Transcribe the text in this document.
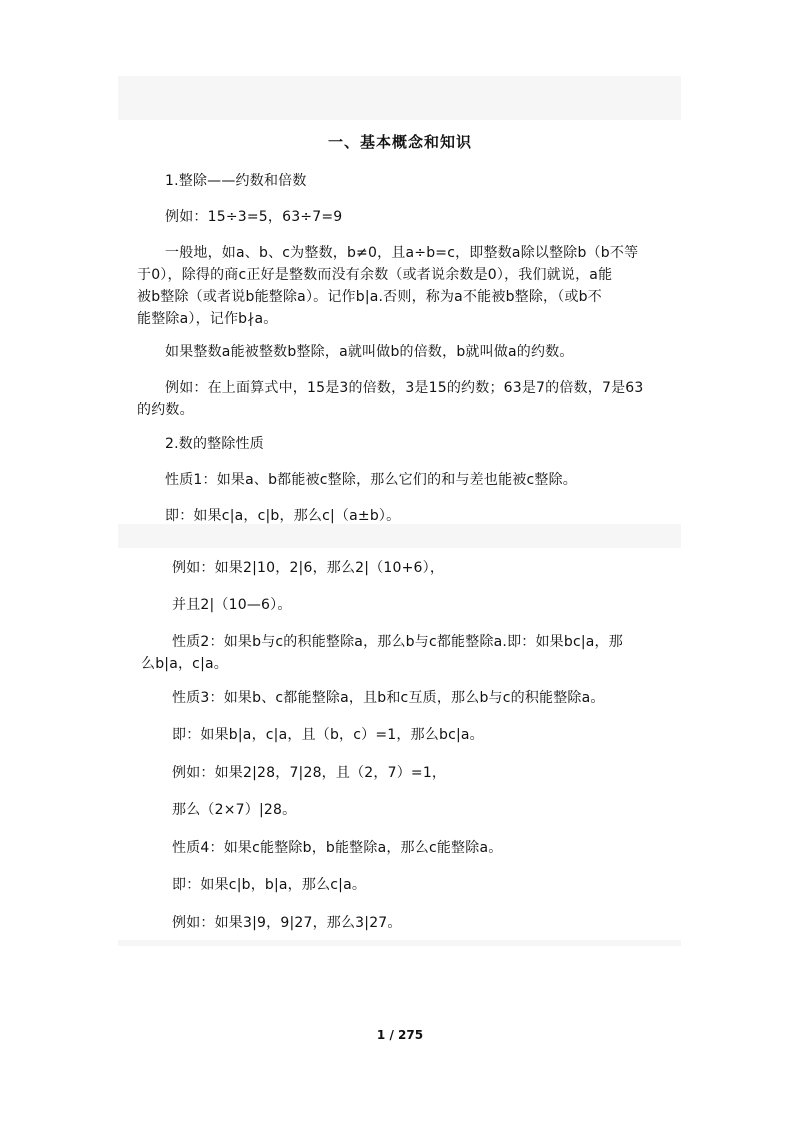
一、基本概念和知识
1.整除——约数和倍数
例如：15÷3=5，63÷7=9
一般地，如a、b、c为整数，b≠0，且a÷b=c，即整数a除以整除b（b不等
于0），除得的商c正好是整数而没有余数（或者说余数是0），我们就说，a能
被b整除（或者说b能整除a）。记作b|a.否则，称为a不能被b整除，（或b不
能整除a），记作b∤a。
如果整数a能被整数b整除，a就叫做b的倍数，b就叫做a的约数。
例如：在上面算式中，15是3的倍数，3是15的约数；63是7的倍数，7是63
的约数。
2.数的整除性质
性质1：如果a、b都能被c整除，那么它们的和与差也能被c整除。
即：如果c|a，c|b，那么c|（a±b）。
例如：如果2|10，2|6，那么2|（10+6），
并且2|（10—6）。
性质2：如果b与c的积能整除a，那么b与c都能整除a.即：如果bc|a，那
么b|a，c|a。
性质3：如果b、c都能整除a，且b和c互质，那么b与c的积能整除a。
即：如果b|a，c|a，且（b，c）=1，那么bc|a。
例如：如果2|28，7|28，且（2，7）=1，
那么（2×7）|28。
性质4：如果c能整除b，b能整除a，那么c能整除a。
即：如果c|b，b|a，那么c|a。
例如：如果3|9，9|27，那么3|27。
1 / 275
